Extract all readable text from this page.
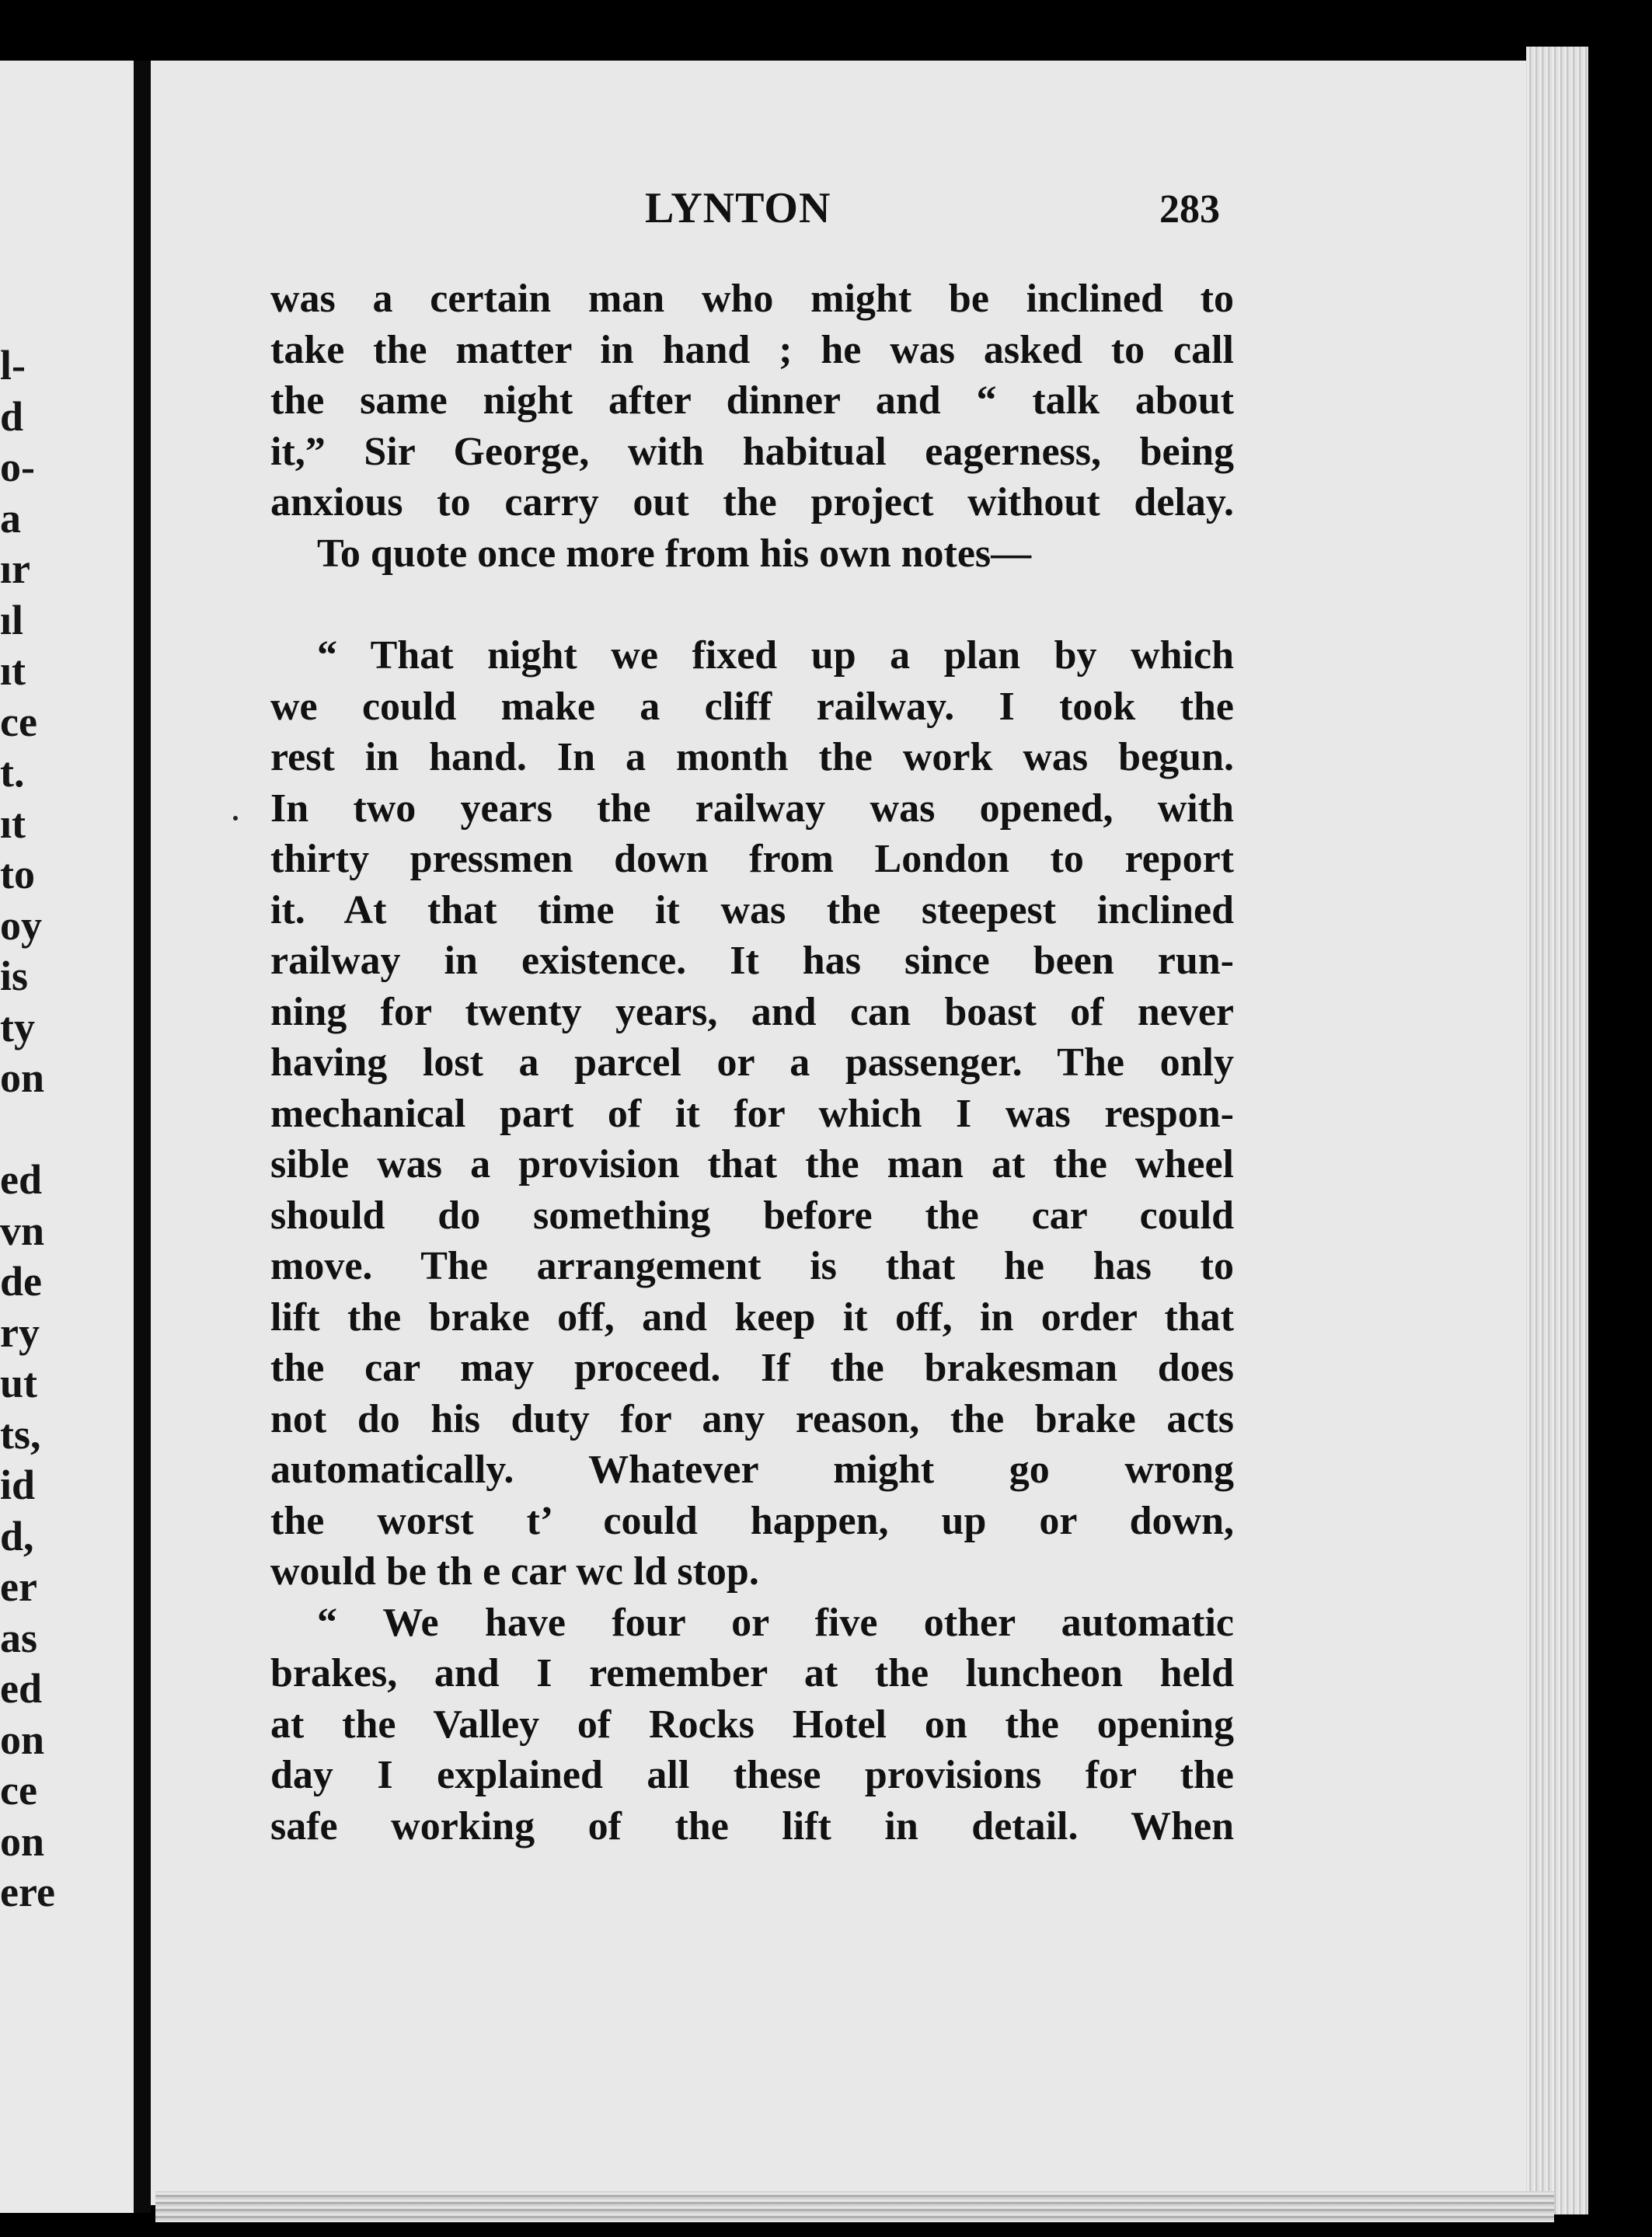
l-
d
o-
a
ır
ıl
ıt
ce
t.
ıt
to
oy
is
ty
on

ed
vn
de
ry
ut
ts,
id
d,
er
as
ed
on
ce
on
ere
LYNTON	283
was a certain man who might be inclined to
take the matter in hand ; he was asked to call
the same night after dinner and “ talk about
it,” Sir George, with habitual eagerness, being
anxious to carry out the project without delay.
To quote once more from his own notes—
“ That night we fixed up a plan by which
we could make a cliff railway. I took the
rest in hand. In a month the work was begun.
In two years the railway was opened, with
thirty pressmen down from London to report
it. At that time it was the steepest inclined
railway in existence. It has since been run-
ning for twenty years, and can boast of never
having lost a parcel or a passenger. The only
mechanical part of it for which I was respon-
sible was a provision that the man at the wheel
should do something before the car could
move. The arrangement is that he has to
lift the brake off, and keep it off, in order that
the car may proceed. If the brakesman does
not do his duty for any reason, the brake acts
automatically. Whatever might go wrong
the worst t’ could happen, up or down,
would be th e car wc ld stop.
“ We have four or five other automatic
brakes, and I remember at the luncheon held
at the Valley of Rocks Hotel on the opening
day I explained all these provisions for the
safe working of the lift in detail. When
